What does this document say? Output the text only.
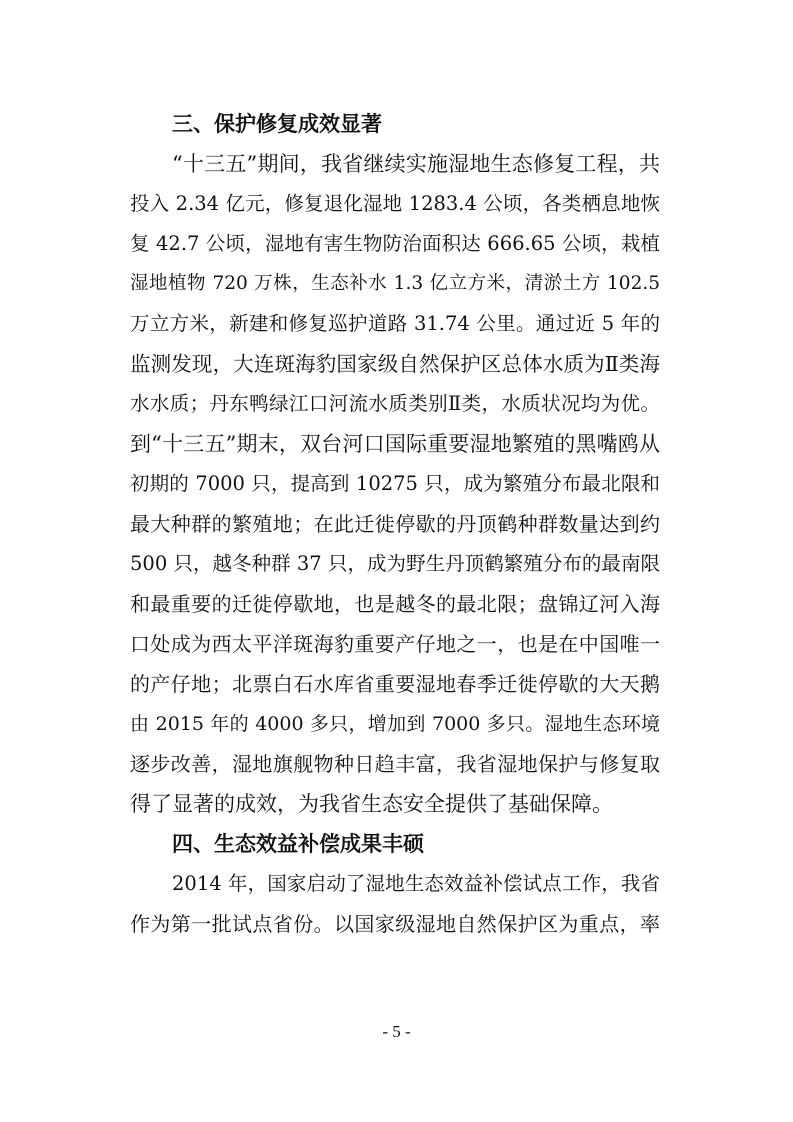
三、保护修复成效显著
“十三五”期间，我省继续实施湿地生态修复工程，共
投入 2.34 亿元，修复退化湿地 1283.4 公顷，各类栖息地恢
复 42.7 公顷，湿地有害生物防治面积达 666.65 公顷，栽植
湿地植物 720 万株，生态补水 1.3 亿立方米，清淤土方 102.5
万立方米，新建和修复巡护道路 31.74 公里。通过近 5 年的
监测发现，大连斑海豹国家级自然保护区总体水质为Ⅱ类海
水水质；丹东鸭绿江口河流水质类别Ⅱ类，水质状况均为优。
到“十三五”期末，双台河口国际重要湿地繁殖的黑嘴鸥从
初期的 7000 只，提高到 10275 只，成为繁殖分布最北限和
最大种群的繁殖地；在此迁徙停歇的丹顶鹤种群数量达到约
500 只，越冬种群 37 只，成为野生丹顶鹤繁殖分布的最南限
和最重要的迁徙停歇地，也是越冬的最北限；盘锦辽河入海
口处成为西太平洋斑海豹重要产仔地之一，也是在中国唯一
的产仔地；北票白石水库省重要湿地春季迁徙停歇的大天鹅
由 2015 年的 4000 多只，增加到 7000 多只。湿地生态环境
逐步改善，湿地旗舰物种日趋丰富，我省湿地保护与修复取
得了显著的成效，为我省生态安全提供了基础保障。
四、生态效益补偿成果丰硕
2014 年，国家启动了湿地生态效益补偿试点工作，我省
作为第一批试点省份。以国家级湿地自然保护区为重点，率
- 5 -
